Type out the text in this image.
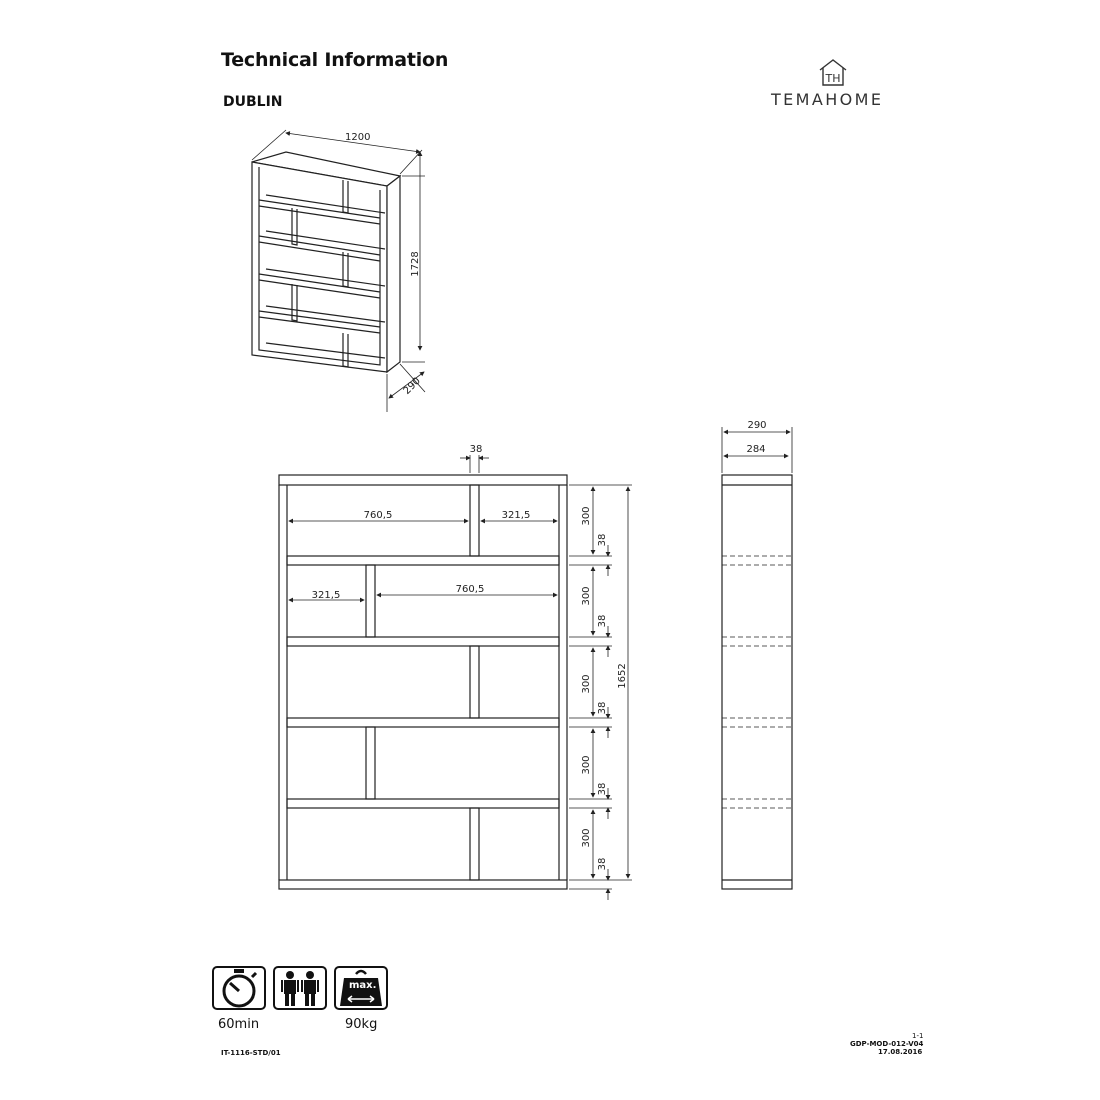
Technical Information
DUBLIN
TH
TEMAHOME
1200
1728
290
38
760,5	321,5
321,5
760,5
300
300
300
300
300
38
38
38
38
38
1652
290
284
60min
max.
90kg
IT-1116-STD/01
1-1
GDP-MOD-012-V04
17.08.2016
